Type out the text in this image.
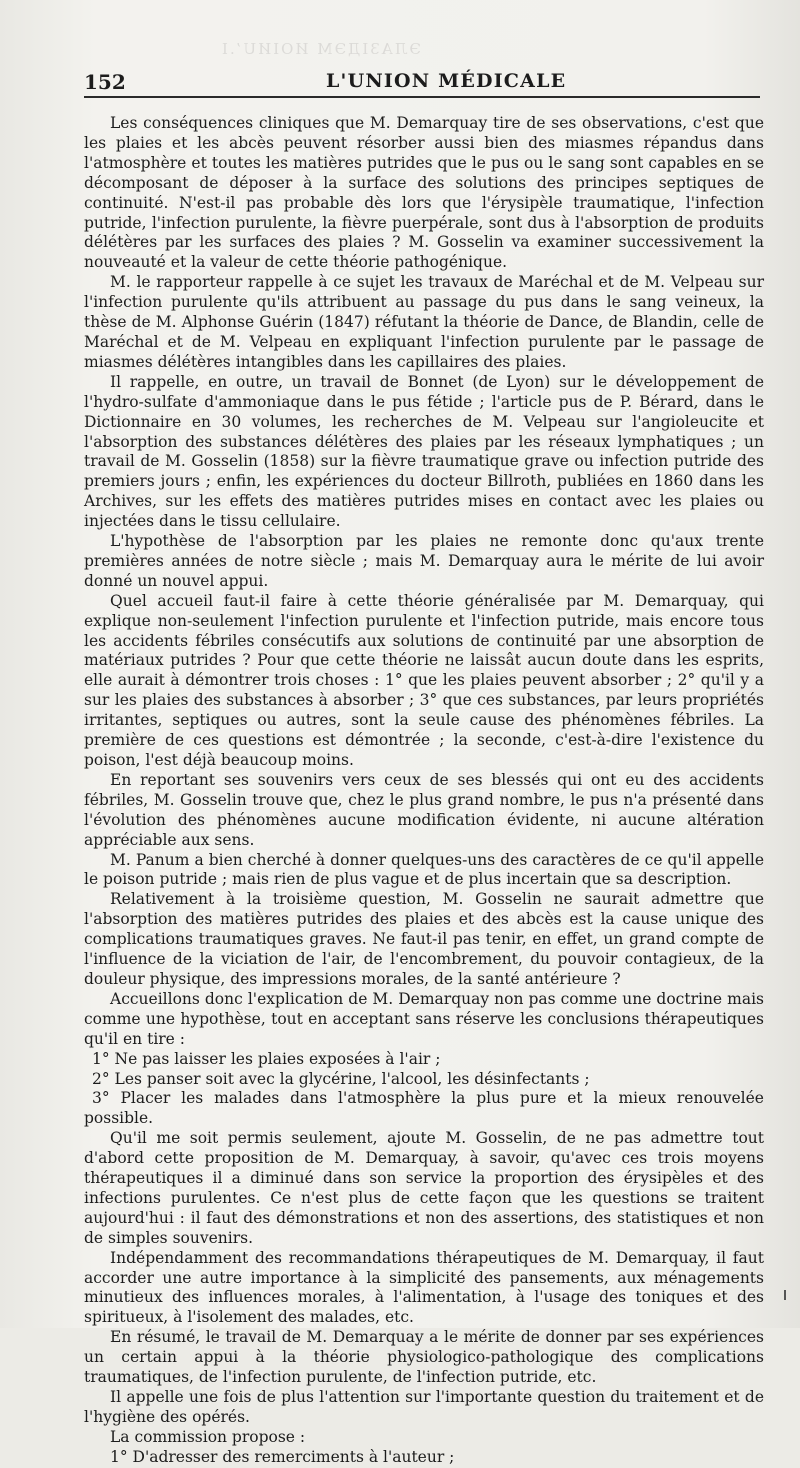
ЭЛАЗІДЭМ ИОІИUʼ.I
152	L'UNION MÉDICALE

Les conséquences cliniques que M. Demarquay tire de ses observations, c'est que les plaies et les abcès peuvent résorber aussi bien des miasmes répandus dans l'atmosphère et toutes les matières putrides que le pus ou le sang sont capables en se décomposant de déposer à la surface des solutions des principes septiques de continuité. N'est-il pas probable dès lors que l'érysipèle traumatique, l'infection putride, l'infection purulente, la fièvre puerpérale, sont dus à l'absorption de produits délétères par les surfaces des plaies ? M. Gosselin va examiner successivement la nouveauté et la valeur de cette théorie pathogénique.

M. le rapporteur rappelle à ce sujet les travaux de Maréchal et de M. Velpeau sur l'infection purulente qu'ils attribuent au passage du pus dans le sang veineux, la thèse de M. Alphonse Guérin (1847) réfutant la théorie de Dance, de Blandin, celle de Maréchal et de M. Velpeau en expliquant l'infection purulente par le passage de miasmes délétères intangibles dans les capillaires des plaies.

Il rappelle, en outre, un travail de Bonnet (de Lyon) sur le développement de l'hydro-sulfate d'ammoniaque dans le pus fétide ; l'article pus de P. Bérard, dans le Dictionnaire en 30 volumes, les recherches de M. Velpeau sur l'angioleucite et l'absorption des substances délétères des plaies par les réseaux lymphatiques ; un travail de M. Gosselin (1858) sur la fièvre traumatique grave ou infection putride des premiers jours ; enfin, les expériences du docteur Billroth, publiées en 1860 dans les Archives, sur les effets des matières putrides mises en contact avec les plaies ou injectées dans le tissu cellulaire.

L'hypothèse de l'absorption par les plaies ne remonte donc qu'aux trente premières années de notre siècle ; mais M. Demarquay aura le mérite de lui avoir donné un nouvel appui.

Quel accueil faut-il faire à cette théorie généralisée par M. Demarquay, qui explique non-seulement l'infection purulente et l'infection putride, mais encore tous les accidents fébriles consécutifs aux solutions de continuité par une absorption de matériaux putrides ? Pour que cette théorie ne laissât aucun doute dans les esprits, elle aurait à démontrer trois choses : 1° que les plaies peuvent absorber ; 2° qu'il y a sur les plaies des substances à absorber ; 3° que ces substances, par leurs propriétés irritantes, septiques ou autres, sont la seule cause des phénomènes fébriles. La première de ces questions est démontrée ; la seconde, c'est-à-dire l'existence du poison, l'est déjà beaucoup moins.

En reportant ses souvenirs vers ceux de ses blessés qui ont eu des accidents fébriles, M. Gosselin trouve que, chez le plus grand nombre, le pus n'a présenté dans l'évolution des phénomènes aucune modification évidente, ni aucune altération appréciable aux sens.

M. Panum a bien cherché à donner quelques-uns des caractères de ce qu'il appelle le poison putride ; mais rien de plus vague et de plus incertain que sa description.

Relativement à la troisième question, M. Gosselin ne saurait admettre que l'absorption des matières putrides des plaies et des abcès est la cause unique des complications traumatiques graves. Ne faut-il pas tenir, en effet, un grand compte de l'influence de la viciation de l'air, de l'encombrement, du pouvoir contagieux, de la douleur physique, des impressions morales, de la santé antérieure ?

Accueillons donc l'explication de M. Demarquay non pas comme une doctrine mais comme une hypothèse, tout en acceptant sans réserve les conclusions thérapeutiques qu'il en tire :

1° Ne pas laisser les plaies exposées à l'air ;

2° Les panser soit avec la glycérine, l'alcool, les désinfectants ;

3° Placer les malades dans l'atmosphère la plus pure et la mieux renouvelée possible.

Qu'il me soit permis seulement, ajoute M. Gosselin, de ne pas admettre tout d'abord cette proposition de M. Demarquay, à savoir, qu'avec ces trois moyens thérapeutiques il a diminué dans son service la proportion des érysipèles et des infections purulentes. Ce n'est plus de cette façon que les questions se traitent aujourd'hui : il faut des démonstrations et non des assertions, des statistiques et non de simples souvenirs.

Indépendamment des recommandations thérapeutiques de M. Demarquay, il faut accorder une autre importance à la simplicité des pansements, aux ménagements minutieux des influences morales, à l'alimentation, à l'usage des toniques et des spiritueux, à l'isolement des malades, etc.

En résumé, le travail de M. Demarquay a le mérite de donner par ses expériences un certain appui à la théorie physiologico-pathologique des complications traumatiques, de l'infection purulente, de l'infection putride, etc.

Il appelle une fois de plus l'attention sur l'importante question du traitement et de l'hygiène des opérés.

La commission propose :

1° D'adresser des remerciments à l'auteur ;
